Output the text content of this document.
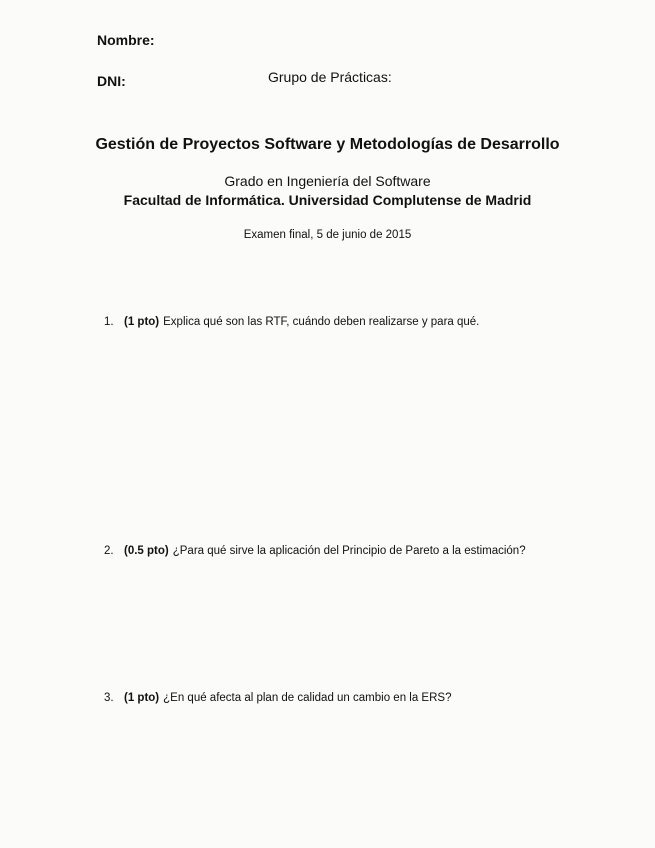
Nombre:
DNI:	Grupo de Prácticas:
Gestión de Proyectos Software y Metodologías de Desarrollo
Grado en Ingeniería del Software
Facultad de Informática. Universidad Complutense de Madrid
Examen final, 5 de junio de 2015
1. (1 pto) Explica qué son las RTF, cuándo deben realizarse y para qué.
2. (0.5 pto) ¿Para qué sirve la aplicación del Principio de Pareto a la estimación?
3. (1 pto) ¿En qué afecta al plan de calidad un cambio en la ERS?
